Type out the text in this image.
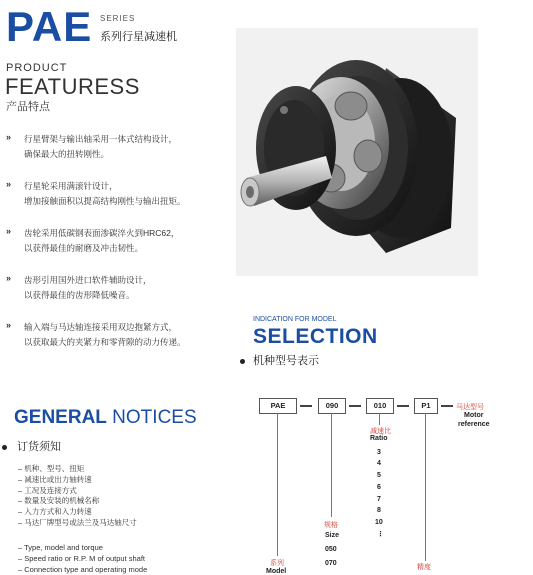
PAE SERIES
系列行星减速机
PRODUCT
FEATURESS
产品特点
» 行星臂架与输出轴采用一体式结构设计，
确保最大的扭转刚性。
» 行星轮采用满滚针设计，
增加接触面积以提高结构刚性与输出扭矩。
» 齿轮采用低碳钢表面渗碳淬火到HRC62，
以获得最佳的耐磨及冲击韧性。
» 齿形引用国外进口软件辅助设计，
以获得最佳的齿形降低噪音。
» 输入端与马达轴连接采用双边抱紧方式，
以获取最大的夹紧力和零背隙的动力传递。
INDICATION FOR MODEL
SELECTION
机种型号表示
GENERAL NOTICES
订货须知
– 机种、型号、扭矩
– 减速比或出力轴转速
– 工况及连接方式
– 数量及安装的机械名称
– 入力方式和入力转速
– 马达厂牌型号或法兰及马达轴尺寸
– Type, model and torque
– Speed ratio or R.P. M of output shaft
– Connection type and operating mode
PAE	090	010	P1	马达型号
Motor
reference
减速比
Ratio
3
4
5
6
7
8
10
⋮
规格
Size
050
070
系列
Model
精度
